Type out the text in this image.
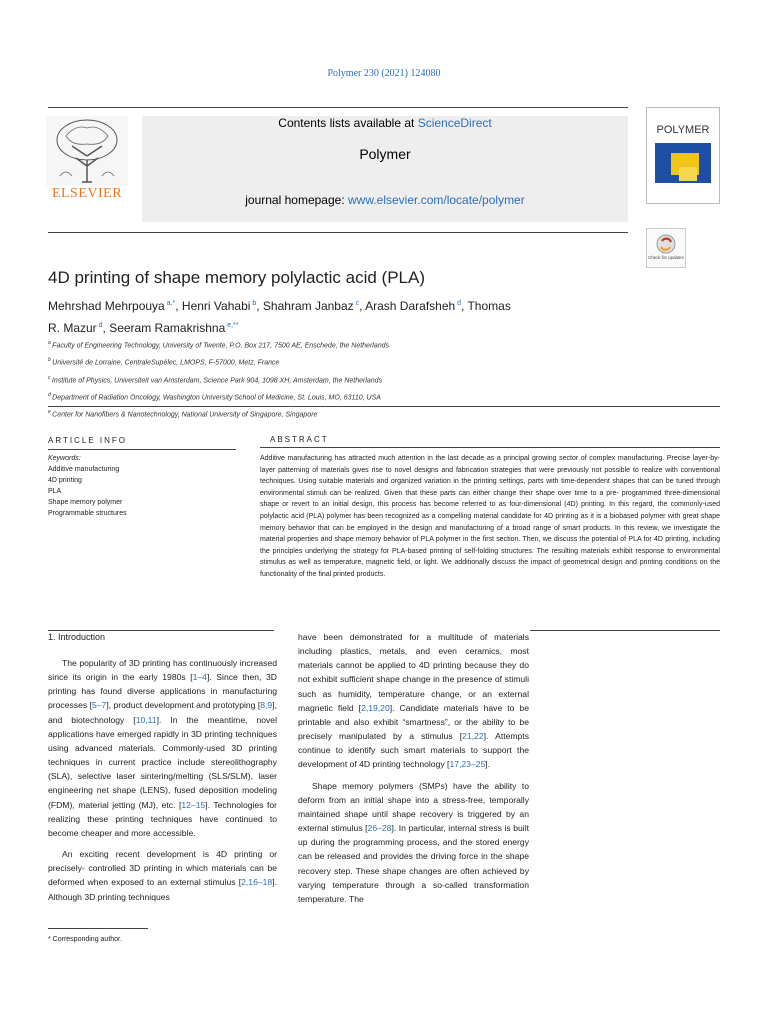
Polymer 230 (2021) 124080
ELSEVIER
Contents lists available at ScienceDirect
Polymer
journal homepage: www.elsevier.com/locate/polymer
POLYMER
Check for updates
4D printing of shape memory polylactic acid (PLA)
Mehrshad Mehrpouya $^{a,*}$, Henri Vahabi $^b$, Shahram Janbaz $^c$, Arash Darafsheh $^d$, Thomas R. Mazur $^d$, Seeram Ramakrishna $^{e,**}$
$^a$ Faculty of Engineering Technology, University of Twente, P.O. Box 217, 7500 AE, Enschede, the Netherlands
$^b$ Université de Lorraine, CentraleSupélec, LMOPS, F-57000, Metz, France
$^c$ Institute of Physics, Universiteit van Amsterdam, Science Park 904, 1098 XH, Amsterdam, the Netherlands
$^d$ Department of Radiation Oncology, Washington University School of Medicine, St. Louis, MO, 63110, USA
$^e$ Center for Nanofibers & Nanotechnology, National University of Singapore, Singapore
ARTICLE INFO
Keywords:
Additive manufacturing
4D printing
PLA
Shape memory polymer
Programmable structures
ABSTRACT
Additive manufacturing has attracted much attention in the last decade as a principal growing sector of complex manufacturing. Precise layer-by-layer patterning of materials gives rise to novel designs and fabrication strategies that were previously not possible to realize with conventional techniques. Using suitable materials and organized variation in the printing settings, parts with time-dependent shapes that can be tuned through environmental stimuli can be realized. Given that these parts can either change their shape over time to a pre- programmed three-dimensional shape or revert to an initial design, this process has become referred to as four-dimensional (4D) printing. In this regard, the commonly-used polylactic acid (PLA) polymer has been recognized as a compelling material candidate for 4D printing as it is a biobased polymer with great shape memory behavior that can be employed in the design and manufacturing of a broad range of smart products. In this review, we investigate the material properties and shape memory behavior of PLA polymer in the first section. Then, we discuss the potential of PLA for 4D printing, including the principles underlying the strategy for PLA-based printing of self-folding structures. The resulting materials exhibit response to environmental stimulus as well as temperature, magnetic field, or light. We additionally discuss the impact of geometrical design and printing conditions on the functionality of the final printed products.
1. Introduction

The popularity of 3D printing has continuously increased since its origin in the early 1980s [1–4]. Since then, 3D printing has found diverse applications in manufacturing processes [5–7], product development and prototyping [8,9], and biotechnology [10,11]. In the meantime, novel applications have emerged rapidly in 3D printing techniques using advanced materials. Commonly-used 3D printing techniques in current practice include stereolithography (SLA), selective laser sintering/melting (SLS/SLM), laser engineering net shape (LENS), fused deposition modeling (FDM), material jetting (MJ), etc. [12–15]. Technologies for realizing these printing techniques have continued to become cheaper and more accessible.

An exciting recent development is 4D printing or precisely- controlled 3D printing in which materials can be deformed when exposed to an external stimulus [2,16–18]. Although 3D printing techniques

have been demonstrated for a multitude of materials including plastics, metals, and even ceramics, most materials cannot be applied to 4D printing because they do not exhibit sufficient shape change in the presence of stimuli such as humidity, temperature change, or an external magnetic field [2,19,20]. Candidate materials have to be printable and also exhibit “smartness”, or the ability to be precisely manipulated by a stimulus [21,22]. Attempts continue to identify such smart materials to support the development of 4D printing technology [17,23–25].

Shape memory polymers (SMPs) have the ability to deform from an initial shape into a stress-free, temporally maintained shape until shape recovery is triggered by an external stimulus [26–28]. In particular, internal stress is built up during the programming process, and the stored energy can be released and provides the driving force in the shape recovery step. These shape changes are often achieved by varying temperature through a so-called transformation temperature. The

* Corresponding author.
